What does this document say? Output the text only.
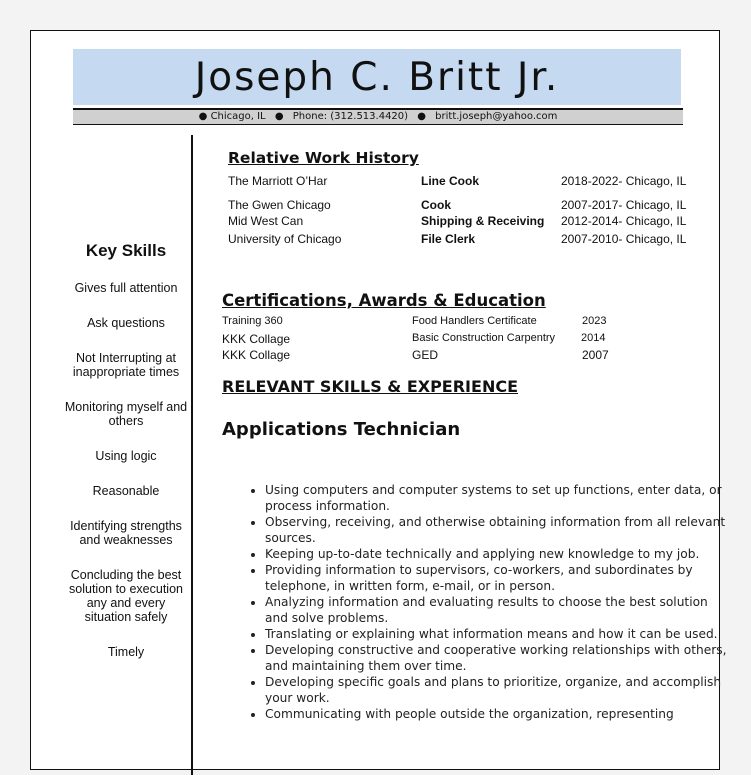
Joseph C. Britt Jr.
● Chicago, IL ● Phone: (312.513.4420) ● britt.joseph@yahoo.com
Key Skills
Gives full attention
Ask questions
Not Interrupting at inappropriate times
Monitoring myself and others
Using logic
Reasonable
Identifying strengths and weaknesses
Concluding the best solution to execution any and every situation safely
Timely
Relative Work History
The Marriott O’Har	Line Cook	2018-2022- Chicago, IL
The Gwen Chicago	Cook	2007-2017- Chicago, IL
Mid West Can	Shipping & Receiving 2012-2014- Chicago, IL
University of Chicago	File Clerk	2007-2010- Chicago, IL
Certifications, Awards & Education
Training 360	Food Handlers Certificate	2023
KKK Collage	Basic Construction Carpentry 2014
KKK Collage	GED	2007
RELEVANT SKILLS & EXPERIENCE
Applications Technician
• Using computers and computer systems to set up functions, enter data, or process information.
• Observing, receiving, and otherwise obtaining information from all relevant sources.
• Keeping up-to-date technically and applying new knowledge to my job.
• Providing information to supervisors, co-workers, and subordinates by telephone, in written form, e-mail, or in person.
• Analyzing information and evaluating results to choose the best solution and solve problems.
• Translating or explaining what information means and how it can be used.
• Developing constructive and cooperative working relationships with others, and maintaining them over time.
• Developing specific goals and plans to prioritize, organize, and accomplish your work.
• Communicating with people outside the organization, representing
